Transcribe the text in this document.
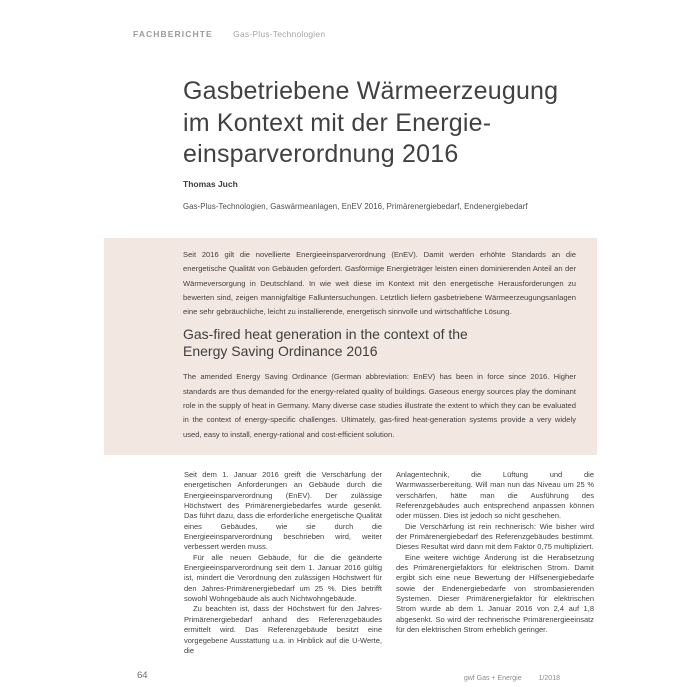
FACHBERICHTE Gas-Plus-Technologien
Gasbetriebene Wärmeerzeugung
im Kontext mit der Energie-
einsparverordnung 2016
Thomas Juch
Gas-Plus-Technologien, Gaswärmeanlagen, EnEV 2016, Primärenergiebedarf, Endenergiebedarf

Seit 2016 gilt die novellierte Energieeinsparverordnung (EnEV). Damit werden erhöhte Standards an die energetische Qualität von Gebäuden gefordert. Gasförmige Energieträger leisten einen dominierenden Anteil an der Wärmeversorgung in Deutschland. In wie weit diese im Kontext mit den energetische Herausforderungen zu bewerten sind, zeigen mannigfaltige Falluntersuchungen. Letztlich liefern gasbetriebene Wärmeerzeugungsanlagen eine sehr gebräuchliche, leicht zu installierende, energetisch sinnvolle und wirtschaftliche Lösung.

Gas-fired heat generation in the context of the
Energy Saving Ordinance 2016

The amended Energy Saving Ordinance (German abbreviation: EnEV) has been in force since 2016. Higher standards are thus demanded for the energy-related quality of buildings. Gaseous energy sources play the dominant role in the supply of heat in Germany. Many diverse case studies illustrate the extent to which they can be evaluated in the context of energy-specific challenges. Ultimately, gas-fired heat-generation systems provide a very widely used, easy to install, energy-rational and cost-efficient solution.

Seit dem 1. Januar 2016 greift die Verschärfung der energetischen Anforderungen an Gebäude durch die Energieeinsparverordnung (EnEV). Der zulässige Höchstwert des Primärenergiebedarfes wurde gesenkt. Das führt dazu, dass die erforderliche energetische Qualität eines Gebäudes, wie sie durch die Energieeinsparverordnung beschrieben wird, weiter verbessert werden muss.

Für alle neuen Gebäude, für die die geänderte Energieeinsparverordnung seit dem 1. Januar 2016 gültig ist, mindert die Verordnung den zulässigen Höchstwert für den Jahres-Primärenergiebedarf um 25 %. Dies betrifft sowohl Wohngebäude als auch Nichtwohngebäude.

Zu beachten ist, dass der Höchstwert für den Jahres-Primärenergiebedarf anhand des Referenzgebäudes ermittelt wird. Das Referenzgebäude besitzt eine vorgegebene Ausstattung u.a. in Hinblick auf die U-Werte, die

Anlagentechnik, die Lüftung und die Warmwasserbereitung. Will man nun das Niveau um 25 % verschärfen, hätte man die Ausführung des Referenzgebäudes auch entsprechend anpassen können oder müssen. Dies ist jedoch so nicht geschehen.

Die Verschärfung ist rein rechnerisch: Wie bisher wird der Primärenergiebedarf des Referenzgebäudes bestimmt. Dieses Resultat wird dann mit dem Faktor 0,75 multipliziert.

Eine weitere wichtige Änderung ist die Herabsetzung des Primärenergiefaktors für elektrischen Strom. Damit ergibt sich eine neue Bewertung der Hilfsenergiebedarfe sowie der Endenergiebedarfe von strombasierenden Systemen. Dieser Primärenergiefaktor für elektrischen Strom wurde ab dem 1. Januar 2016 von 2,4 auf 1,8 abgesenkt. So wird der rechnerische Primärenergieeinsatz für den elektrischen Strom erheblich geringer.

64	gwf Gas + Energie 1/2018
